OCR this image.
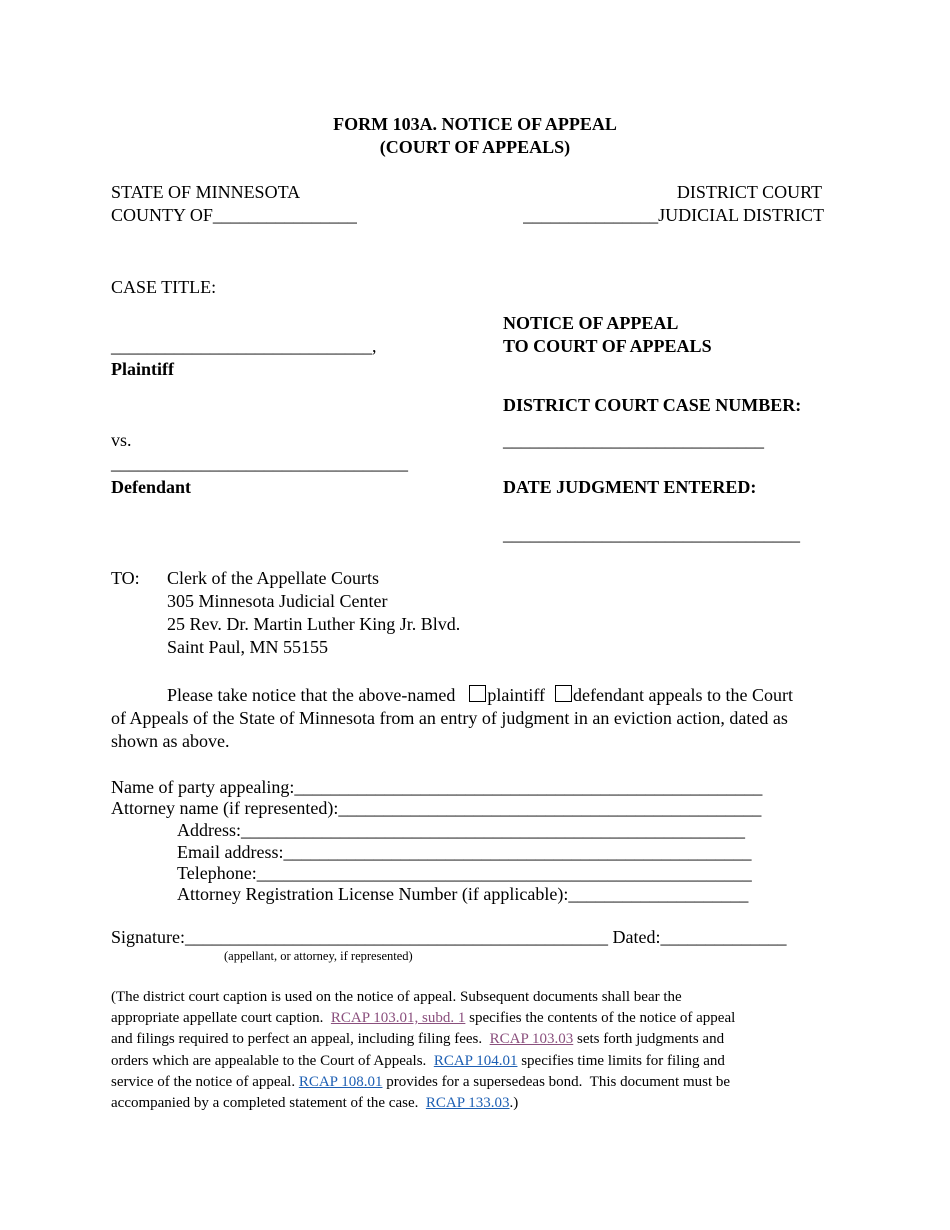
FORM 103A. NOTICE OF APPEAL
(COURT OF APPEALS)
STATE OF MINNESOTA
COUNTY OF________________
DISTRICT COURT
_______________JUDICIAL DISTRICT
CASE TITLE:
_____________________________,
Plaintiff
vs.
_________________________________
Defendant
NOTICE OF APPEAL
TO COURT OF APPEALS
DISTRICT COURT CASE NUMBER:
_____________________________
DATE JUDGMENT ENTERED:
_________________________________
TO: Clerk of the Appellate Courts
305 Minnesota Judicial Center
25 Rev. Dr. Martin Luther King Jr. Blvd.
Saint Paul, MN 55155
Please take notice that the above-named plaintiff defendant appeals to the Court
of Appeals of the State of Minnesota from an entry of judgment in an eviction action, dated as
shown as above.
Name of party appealing:____________________________________________________
Attorney name (if represented):_______________________________________________
Address:________________________________________________________
Email address:____________________________________________________
Telephone:_______________________________________________________
Attorney Registration License Number (if applicable):____________________
Signature:_______________________________________________ Dated:______________
(appellant, or attorney, if represented)
(The district court caption is used on the notice of appeal. Subsequent documents shall bear the
appropriate appellate court caption.  RCAP 103.01, subd. 1 specifies the contents of the notice of appeal
and filings required to perfect an appeal, including filing fees.  RCAP 103.03 sets forth judgments and
orders which are appealable to the Court of Appeals.  RCAP 104.01 specifies time limits for filing and
service of the notice of appeal. RCAP 108.01 provides for a supersedeas bond.  This document must be
accompanied by a completed statement of the case.  RCAP 133.03.)
